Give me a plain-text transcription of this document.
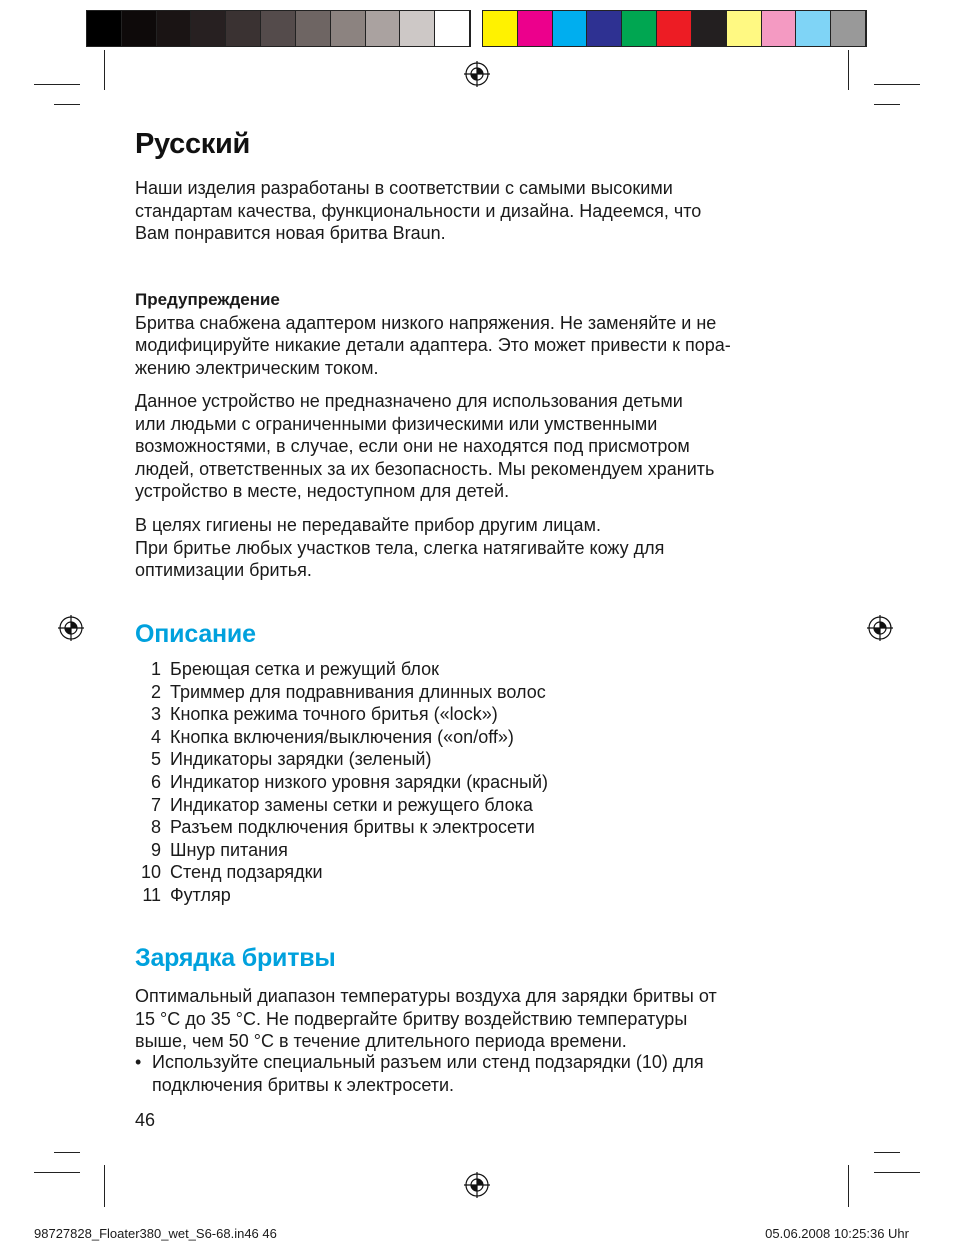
Русский
Наши изделия разработаны в соответствии с самыми высокими
стандартам качества, функциональности и дизайна. Надеемся, что
Вам понравится новая бритва Braun.
Предупреждение
Бритва снабжена адаптером низкого напряжения. Не заменяйте и не
модифицируйте никакие детали адаптера. Это может привести к пора-
жению электрическим током.
Данное устройство не предназначено для использования детьми
или людьми с ограниченными физическими или умственными
возможностями, в случае, если они не находятся под присмотром
людей, ответственных за их безопасность. Мы рекомендуем хранить
устройство в месте, недоступном для детей.
В целях гигиены не передавайте прибор другим лицам.
При бритье любых участков тела, слегка натягивайте кожу для
оптимизации бритья.
Описание
1 Бреющая сетка и режущий блок
2 Триммер для подравнивания длинных волос
3 Кнопка режима точного бритья («lock»)
4 Кнопка включения/выключения («on/off»)
5 Индикаторы зарядки (зеленый)
6 Индикатор низкого уровня зарядки (красный)
7 Индикатор замены сетки и режущего блока
8 Разъем подключения бритвы к электросети
9 Шнур питания
10 Стенд подзарядки
11 Футляр
Зарядка бритвы
Оптимальный диапазон температуры воздуха для зарядки бритвы от
15 °C до 35 °C. Не подвергайте бритву воздействию температуры
выше, чем 50 °C в течение длительного периода времени.
• Используйте специальный разъем или стенд подзарядки (10) для
подключения бритвы к электросети.
46
98727828_Floater380_wet_S6-68.in46 46	05.06.2008 10:25:36 Uhr
